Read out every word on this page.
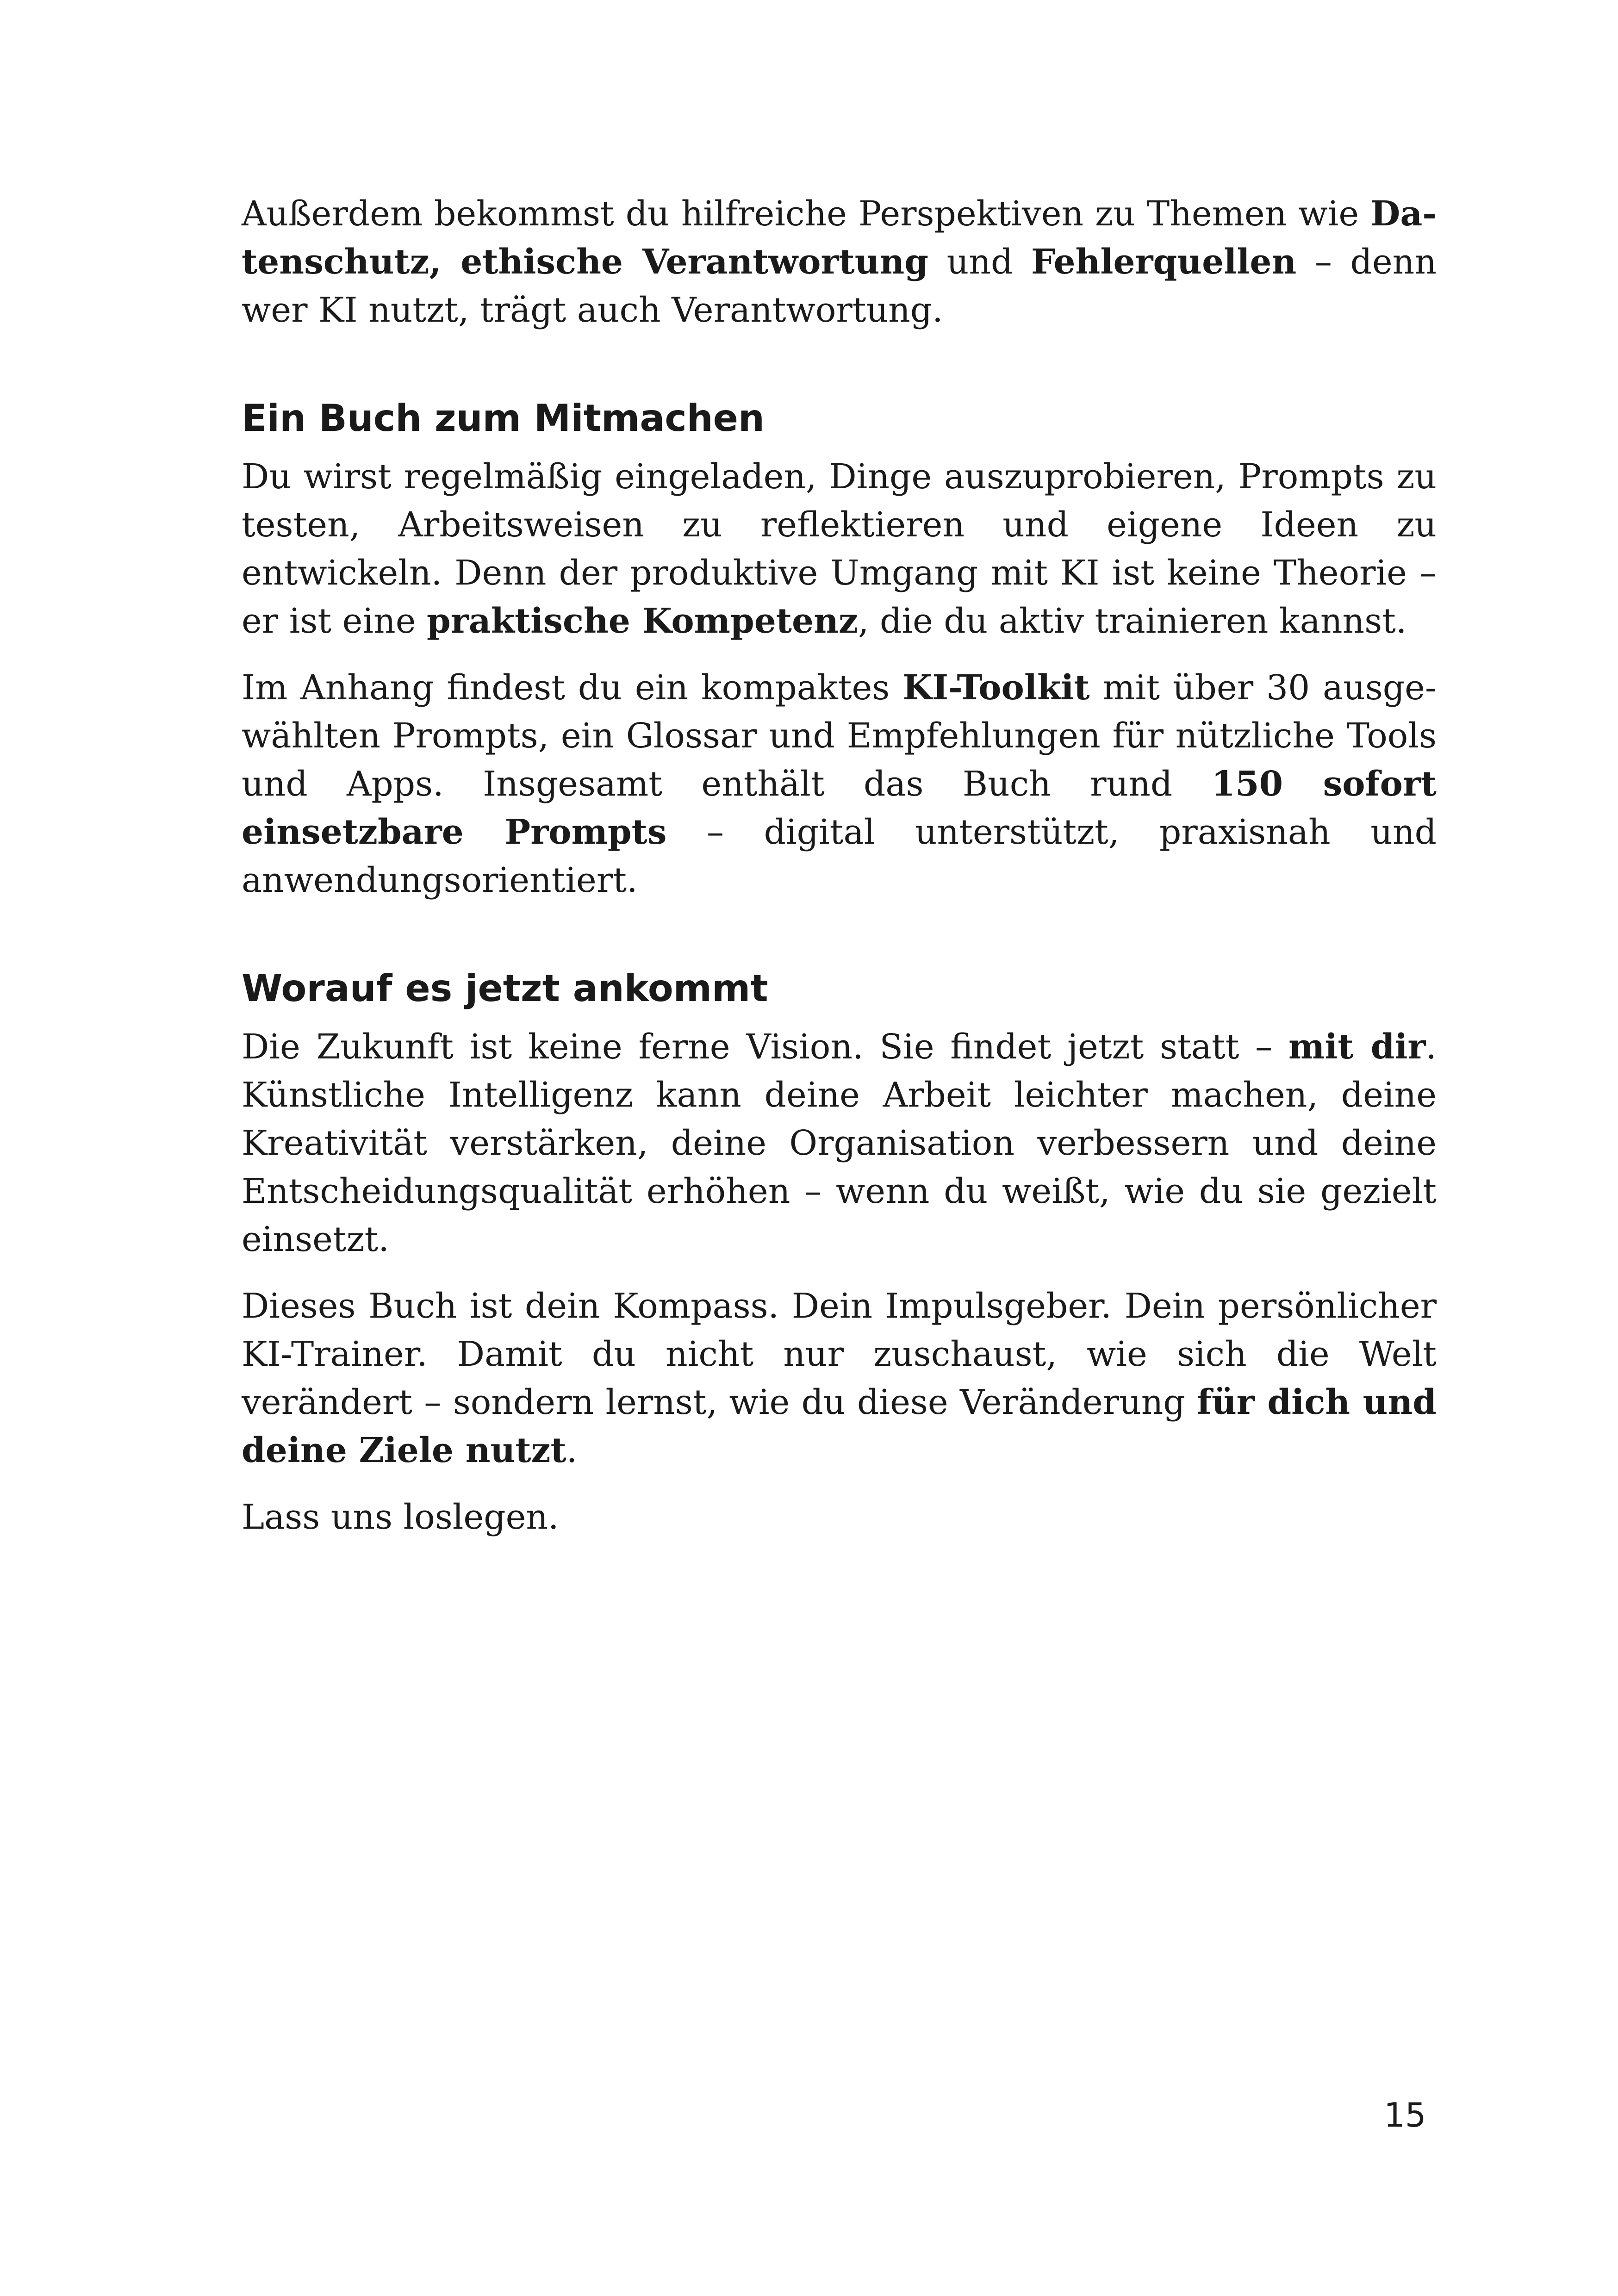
Außerdem bekommst du hilfreiche Perspektiven zu Themen wie Datenschutz, ethische Verantwortung und Fehlerquellen – denn wer KI nutzt, trägt auch Verantwortung.

Ein Buch zum Mitmachen

Du wirst regelmäßig eingeladen, Dinge auszuprobieren, Prompts zu testen, Arbeitsweisen zu reflektieren und eigene Ideen zu entwickeln. Denn der produktive Umgang mit KI ist keine Theorie – er ist eine praktische Kompetenz, die du aktiv trainieren kannst.

Im Anhang findest du ein kompaktes KI-Toolkit mit über 30 ausgewählten Prompts, ein Glossar und Empfehlungen für nützliche Tools und Apps. Insgesamt enthält das Buch rund 150 sofort einsetzbare Prompts – digital unterstützt, praxisnah und anwendungsorientiert.

Worauf es jetzt ankommt

Die Zukunft ist keine ferne Vision. Sie findet jetzt statt – mit dir. Künstliche Intelligenz kann deine Arbeit leichter machen, deine Kreativität verstärken, deine Organisation verbessern und deine Entscheidungsqualität erhöhen – wenn du weißt, wie du sie gezielt einsetzt.

Dieses Buch ist dein Kompass. Dein Impulsgeber. Dein persönlicher KI-Trainer. Damit du nicht nur zuschaust, wie sich die Welt verändert – sondern lernst, wie du diese Veränderung für dich und deine Ziele nutzt.

Lass uns loslegen.

15
